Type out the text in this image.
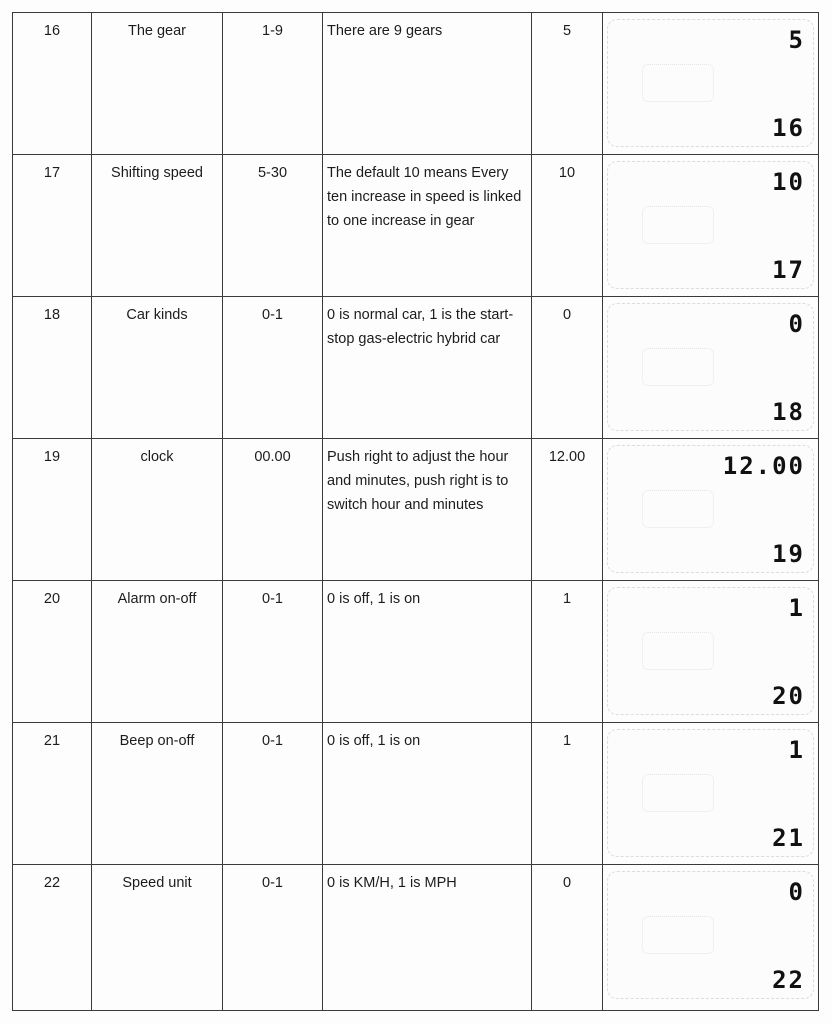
16	The gear	1-9	There are 9 gears	5	5
16

17	Shifting speed	5-30	The default 10 means Every ten increase in speed is linked to one increase in gear	10	10
17

18	Car kinds	0-1	0 is normal car, 1 is the start-stop gas-electric hybrid car	0	0
18

19	clock	00.00	Push right to adjust the hour and minutes, push right is to switch hour and minutes	12.00	12.00
19

20	Alarm on-off	0-1	0 is off, 1 is on	1	1
20

21	Beep on-off	0-1	0 is off, 1 is on	1	1
21

22	Speed unit	0-1	0 is KM/H, 1 is MPH	0	0
22
